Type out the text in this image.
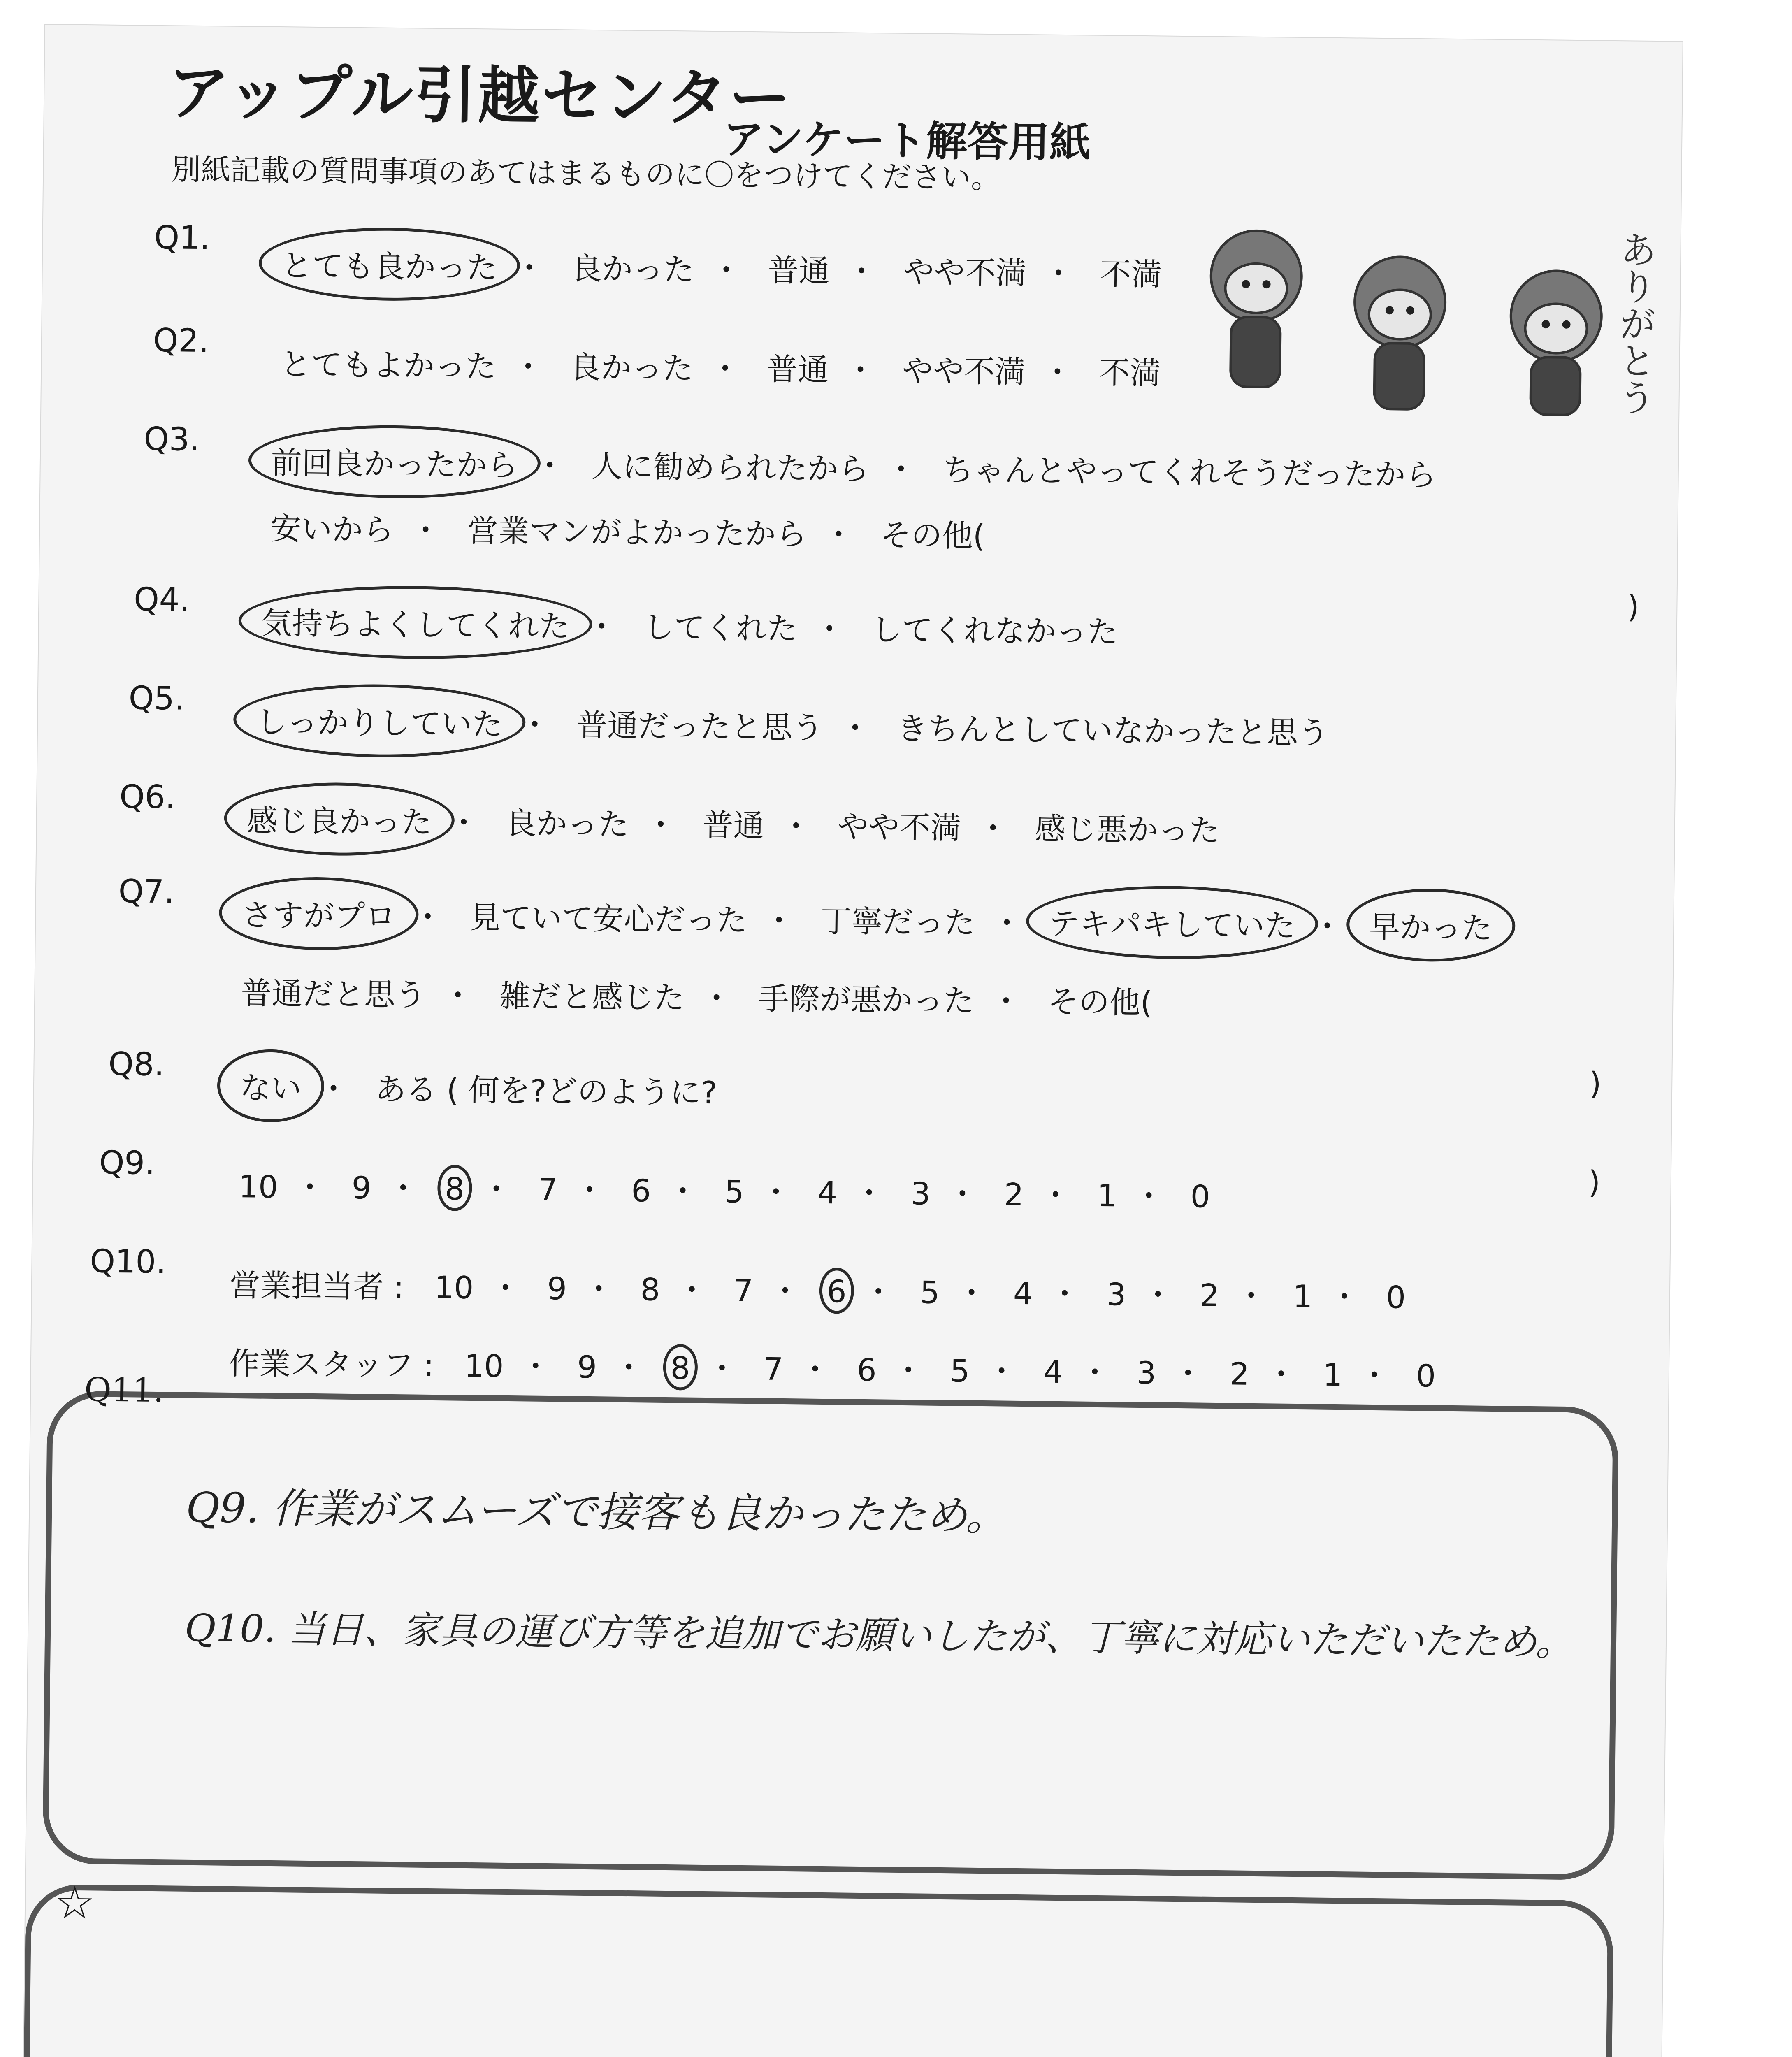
アップル引越センター
アンケート解答用紙
別紙記載の質問事項のあてはまるものに〇をつけてください。
ありがとう
Q1.
とても良かった ・ 良かった ・ 普通 ・ やや不満 ・ 不満
Q2.
とてもよかった ・ 良かった ・ 普通 ・ やや不満 ・ 不満
Q3.
前回良かったから ・ 人に勧められたから ・ ちゃんとやってくれそうだったから
安いから ・ 営業マンがよかったから ・ その他(
Q4.
気持ちよくしてくれた ・ してくれた ・ してくれなかった
)
Q5.
しっかりしていた ・ 普通だったと思う ・ きちんとしていなかったと思う
Q6.
感じ良かった ・ 良かった ・ 普通 ・ やや不満 ・ 感じ悪かった
Q7.
さすがプロ ・ 見ていて安心だった ・ 丁寧だった ・ テキパキしていた ・ 早かった
普通だと思う ・ 雑だと感じた ・ 手際が悪かった ・ その他(
Q8.
ない ・ ある ( 何を?どのように?	)
Q9.
10 ・ 9 ・ 8 ・ 7 ・ 6 ・ 5 ・ 4 ・ 3 ・ 2 ・ 1 ・ 0	)
Q10.
営業担当者 : 10 ・ 9 ・ 8 ・ 7 ・ 6 ・ 5 ・ 4 ・ 3 ・ 2 ・ 1 ・ 0
作業スタッフ : 10 ・ 9 ・ 8 ・ 7 ・ 6 ・ 5 ・ 4 ・ 3 ・ 2 ・ 1 ・ 0
Q11.
Q9. 作業がスムーズで接客も良かったため。
Q10. 当日、家具の運び方等を追加でお願いしたが、丁寧に対応いただいたため。
☆
